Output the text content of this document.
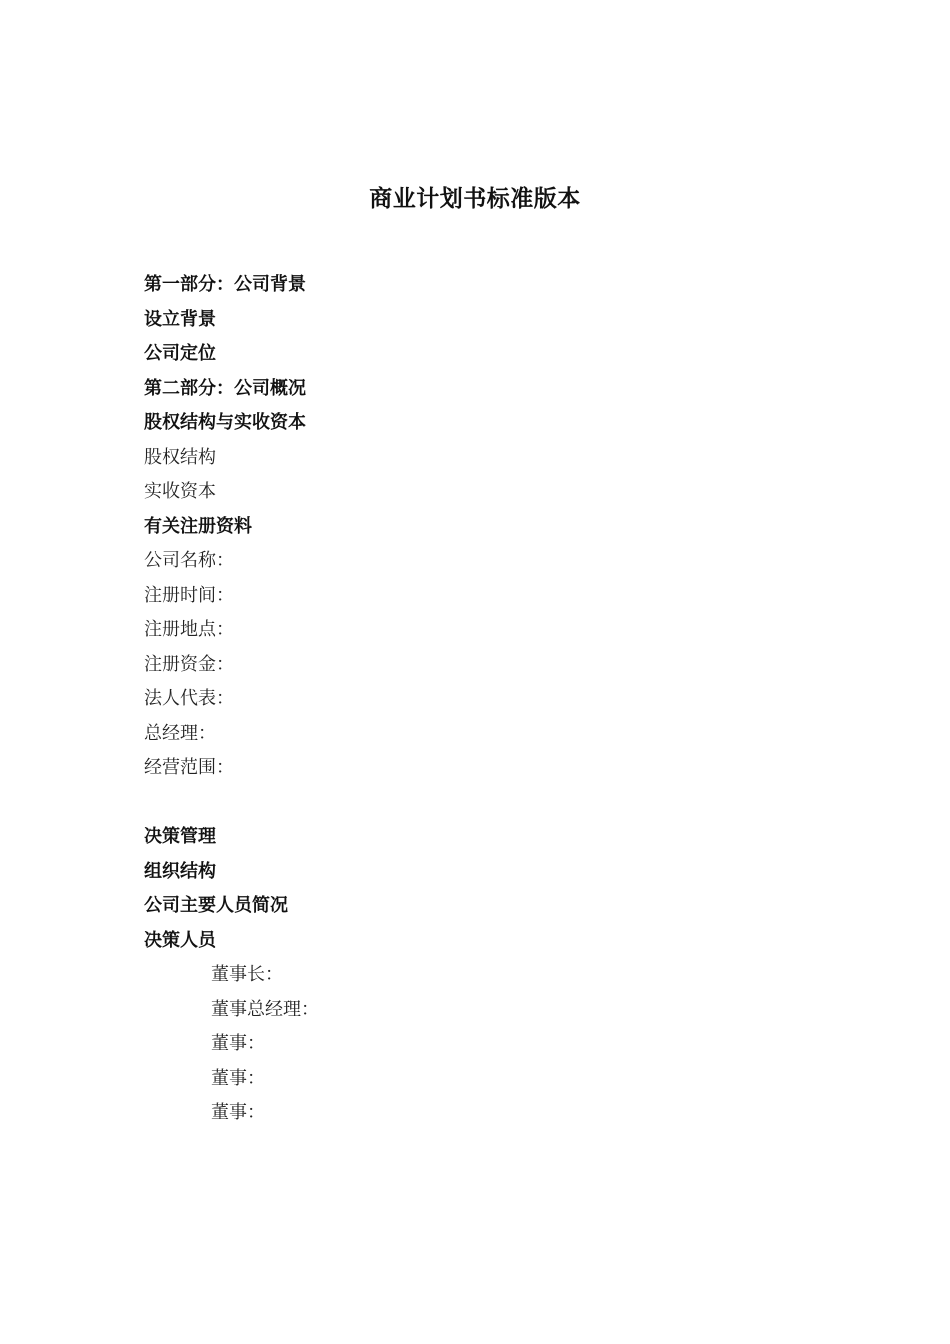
商业计划书标准版本
第一部分：公司背景
设立背景
公司定位
第二部分：公司概况
股权结构与实收资本
股权结构
实收资本
有关注册资料
公司名称：
注册时间：
注册地点：
注册资金：
法人代表：
总经理：
经营范围：
决策管理
组织结构
公司主要人员简况
决策人员
董事长：
董事总经理：
董事：
董事：
董事：
